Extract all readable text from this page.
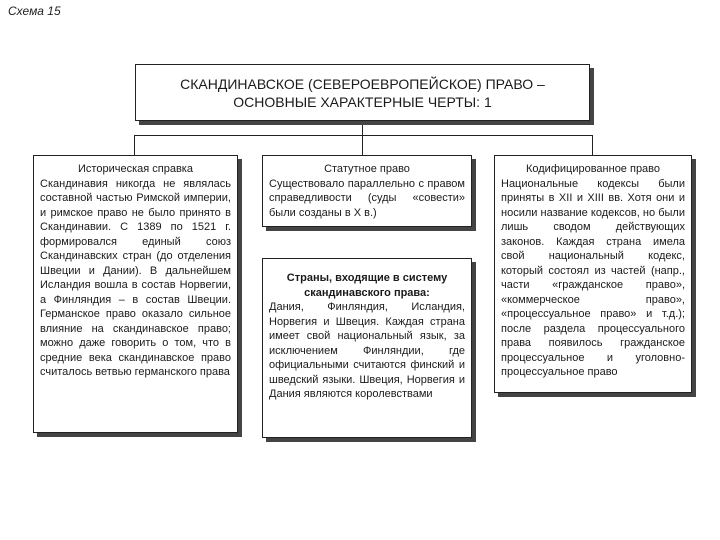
Схема 15
СКАНДИНАВСКОЕ (СЕВЕРОЕВРОПЕЙСКОЕ) ПРАВО –
ОСНОВНЫЕ ХАРАКТЕРНЫЕ ЧЕРТЫ: 1
Историческая справка
Скандинавия никогда не являлась составной частью Римской империи, и римское право не было принято в Скандинавии. С 1389 по 1521 г. формировался единый союз Скандинавских стран (до отделения Швеции и Дании). В дальнейшем Исландия вошла в состав Норвегии, а Финляндия – в состав Швеции. Германское право оказало сильное влияние на скандинавское право; можно даже говорить о том, что в средние века скандинавское право считалось ветвью германского права
Статутное право
Существовало параллельно с правом справедливости (суды «совести» были созданы в X в.)
Страны, входящие в систему скандинавского права:
Дания, Финляндия, Исландия, Норвегия и Швеция. Каждая страна имеет свой национальный язык, за исключением Финляндии, где официальными считаются финский и шведский языки. Швеция, Норвегия и Дания являются королевствами
Кодифицированное право
Национальные кодексы были приняты в XII и XIII вв. Хотя они и носили название кодексов, но были лишь сводом действующих законов. Каждая страна имела свой национальный кодекс, который состоял из частей (напр., части «гражданское право», «коммерческое право», «процессуальное право» и т.д.); после раздела процессуального права появилось гражданское процессуальное и уголовно-процессуальное право
